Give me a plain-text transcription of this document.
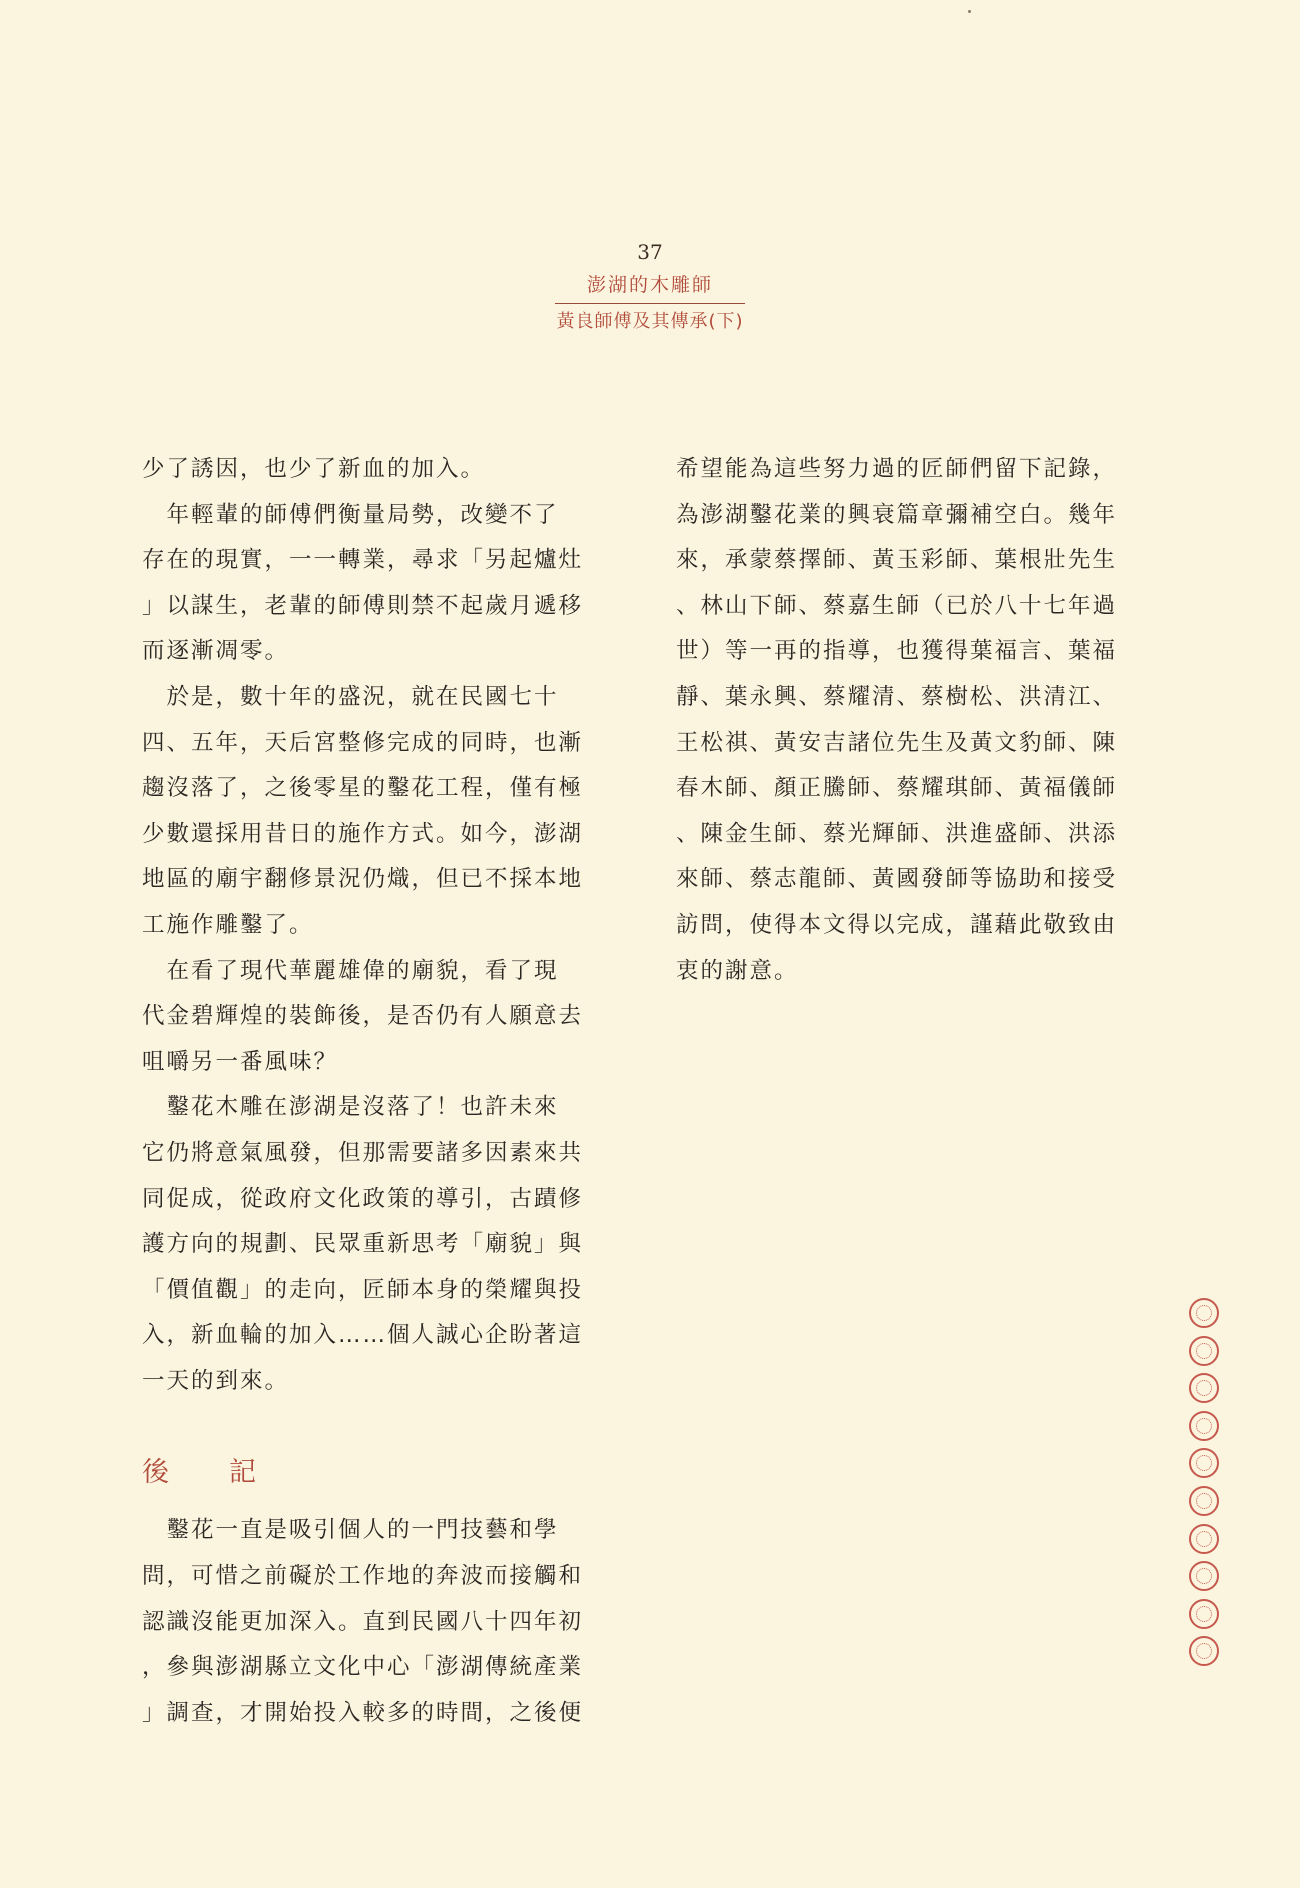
37
澎湖的木雕師
黃良師傅及其傳承(下)
少了誘因，也少了新血的加入。
　年輕輩的師傅們衡量局勢，改變不了
存在的現實，一一轉業，尋求「另起爐灶
」以謀生，老輩的師傅則禁不起歲月遞移
而逐漸凋零。
　於是，數十年的盛況，就在民國七十
四、五年，天后宮整修完成的同時，也漸
趨沒落了，之後零星的鑿花工程，僅有極
少數還採用昔日的施作方式。如今，澎湖
地區的廟宇翻修景況仍熾，但已不採本地
工施作雕鑿了。
　在看了現代華麗雄偉的廟貌，看了現
代金碧輝煌的裝飾後，是否仍有人願意去
咀嚼另一番風味？
　鑿花木雕在澎湖是沒落了！也許未來
它仍將意氣風發，但那需要諸多因素來共
同促成，從政府文化政策的導引，古蹟修
護方向的規劃、民眾重新思考「廟貌」與
「價值觀」的走向，匠師本身的榮耀與投
入，新血輪的加入……個人誠心企盼著這
一天的到來。
後 記
　鑿花一直是吸引個人的一門技藝和學
問，可惜之前礙於工作地的奔波而接觸和
認識沒能更加深入。直到民國八十四年初
，參與澎湖縣立文化中心「澎湖傳統產業
」調查，才開始投入較多的時間，之後便
希望能為這些努力過的匠師們留下記錄，
為澎湖鑿花業的興衰篇章彌補空白。幾年
來，承蒙蔡擇師、黃玉彩師、葉根壯先生
、林山下師、蔡嘉生師（已於八十七年過
世）等一再的指導，也獲得葉福言、葉福
靜、葉永興、蔡耀清、蔡樹松、洪清江、
王松祺、黃安吉諸位先生及黃文豹師、陳
春木師、顏正騰師、蔡耀琪師、黃福儀師
、陳金生師、蔡光輝師、洪進盛師、洪添
來師、蔡志龍師、黃國發師等協助和接受
訪問，使得本文得以完成，謹藉此敬致由
衷的謝意。
